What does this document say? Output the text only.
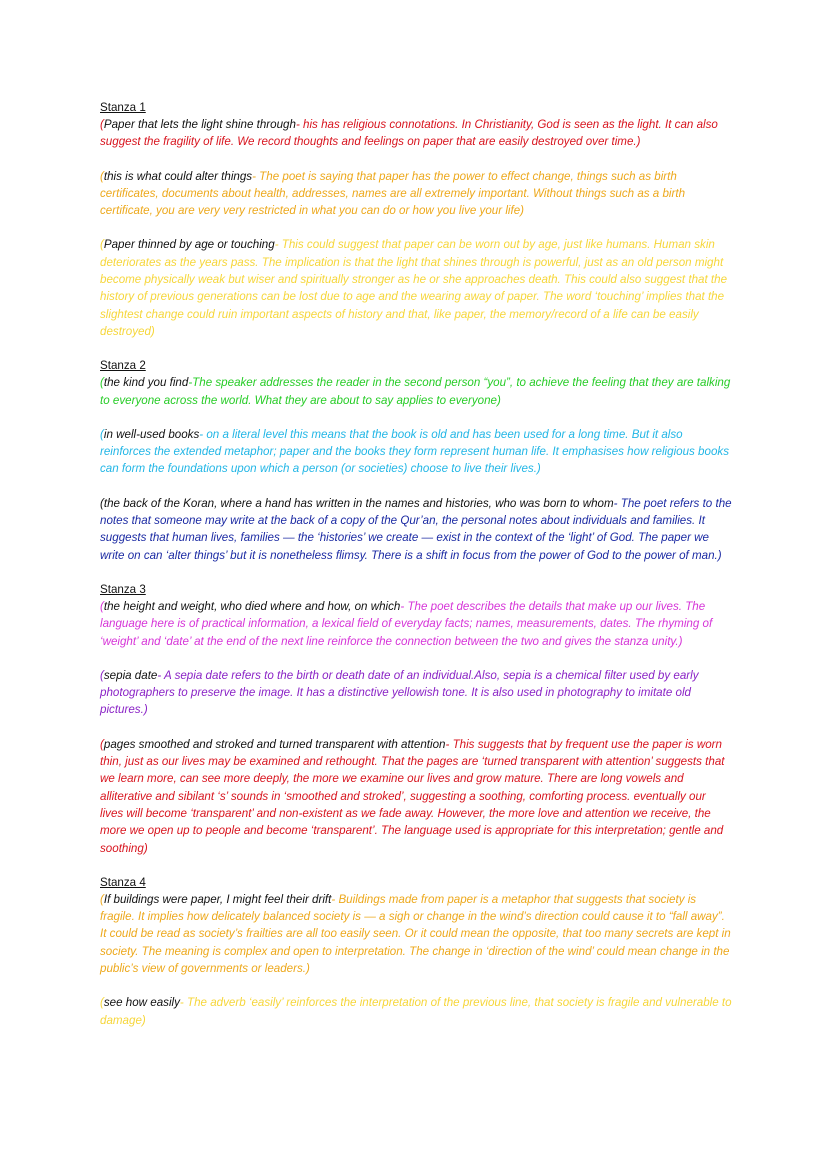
Stanza 1

(Paper that lets the light shine through- his has religious connotations. In Christianity, God is seen as the light. It can also suggest the fragility of life. We record thoughts and feelings on paper that are easily destroyed over time.)

(this is what could alter things- The poet is saying that paper has the power to effect change, things such as birth certificates, documents about health, addresses, names are all extremely important. Without things such as a birth certificate, you are very very restricted in what you can do or how you live your life)

(Paper thinned by age or touching- This could suggest that paper can be worn out by age, just like humans. Human skin deteriorates as the years pass. The implication is that the light that shines through is powerful, just as an old person might become physically weak but wiser and spiritually stronger as he or she approaches death. This could also suggest that the history of previous generations can be lost due to age and the wearing away of paper. The word ‘touching’ implies that the slightest change could ruin important aspects of history and that, like paper, the memory/record of a life can be easily destroyed)

Stanza 2

(the kind you find-The speaker addresses the reader in the second person “you”, to achieve the feeling that they are talking to everyone across the world. What they are about to say applies to everyone)

(in well-used books- on a literal level this means that the book is old and has been used for a long time. But it also reinforces the extended metaphor; paper and the books they form represent human life. It emphasises how religious books can form the foundations upon which a person (or societies) choose to live their lives.)

(the back of the Koran, where a hand has written in the names and histories, who was born to whom- The poet refers to the notes that someone may write at the back of a copy of the Qur’an, the personal notes about individuals and families. It suggests that human lives, families — the ‘histories’ we create — exist in the context of the ‘light’ of God. The paper we write on can ‘alter things’ but it is nonetheless flimsy. There is a shift in focus from the power of God to the power of man.)

Stanza 3

(the height and weight, who died where and how, on which- The poet describes the details that make up our lives. The language here is of practical information, a lexical field of everyday facts; names, measurements, dates. The rhyming of ‘weight’ and ‘date’ at the end of the next line reinforce the connection between the two and gives the stanza unity.)

(sepia date- A sepia date refers to the birth or death date of an individual.Also, sepia is a chemical filter used by early photographers to preserve the image. It has a distinctive yellowish tone. It is also used in photography to imitate old pictures.)

(pages smoothed and stroked and turned transparent with attention- This suggests that by frequent use the paper is worn thin, just as our lives may be examined and rethought. That the pages are ‘turned transparent with attention’ suggests that we learn more, can see more deeply, the more we examine our lives and grow mature. There are long vowels and alliterative and sibilant ‘s’ sounds in ‘smoothed and stroked’, suggesting a soothing, comforting process. eventually our lives will become ‘transparent’ and non-existent as we fade away. However, the more love and attention we receive, the more we open up to people and become ‘transparent’. The language used is appropriate for this interpretation; gentle and soothing)

Stanza 4

(If buildings were paper, I might feel their drift- Buildings made from paper is a metaphor that suggests that society is fragile. It implies how delicately balanced society is — a sigh or change in the wind’s direction could cause it to “fall away”. It could be read as society’s frailties are all too easily seen. Or it could mean the opposite, that too many secrets are kept in society. The meaning is complex and open to interpretation. The change in ‘direction of the wind’ could mean change in the public’s view of governments or leaders.)

(see how easily- The adverb ‘easily’ reinforces the interpretation of the previous line, that society is fragile and vulnerable to damage)
